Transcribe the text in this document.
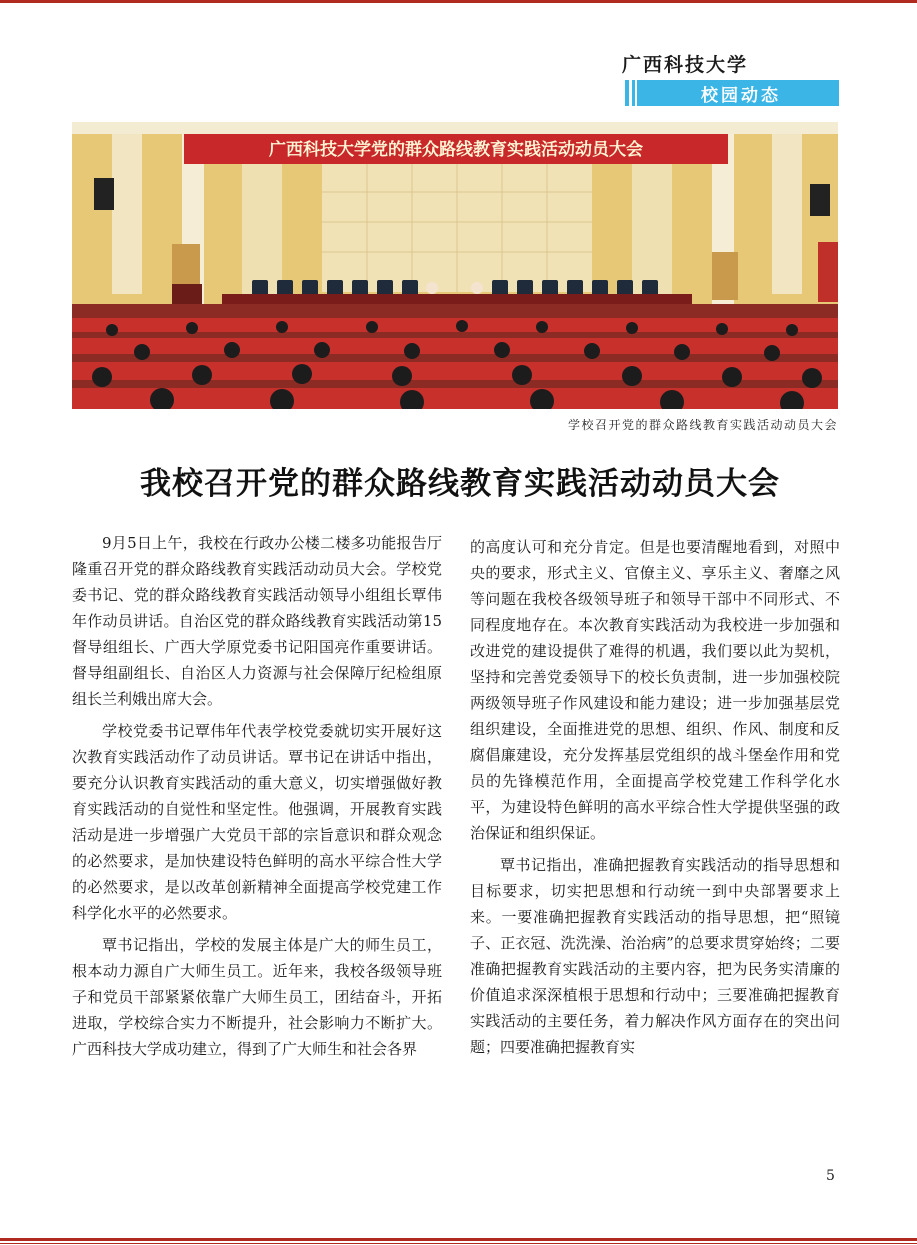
广西科技大学
校园动态
广西科技大学党的群众路线教育实践活动动员大会
学校召开党的群众路线教育实践活动动员大会
我校召开党的群众路线教育实践活动动员大会

9月5日上午，我校在行政办公楼二楼多功能报告厅隆重召开党的群众路线教育实践活动动员大会。学校党委书记、党的群众路线教育实践活动领导小组组长覃伟年作动员讲话。自治区党的群众路线教育实践活动第15督导组组长、广西大学原党委书记阳国亮作重要讲话。督导组副组长、自治区人力资源与社会保障厅纪检组原组长兰利娥出席大会。

学校党委书记覃伟年代表学校党委就切实开展好这次教育实践活动作了动员讲话。覃书记在讲话中指出，要充分认识教育实践活动的重大意义，切实增强做好教育实践活动的自觉性和坚定性。他强调，开展教育实践活动是进一步增强广大党员干部的宗旨意识和群众观念的必然要求，是加快建设特色鲜明的高水平综合性大学的必然要求，是以改革创新精神全面提高学校党建工作科学化水平的必然要求。

覃书记指出，学校的发展主体是广大的师生员工，根本动力源自广大师生员工。近年来，我校各级领导班子和党员干部紧紧依靠广大师生员工，团结奋斗，开拓进取，学校综合实力不断提升，社会影响力不断扩大。广西科技大学成功建立，得到了广大师生和社会各界

的高度认可和充分肯定。但是也要清醒地看到，对照中央的要求，形式主义、官僚主义、享乐主义、奢靡之风等问题在我校各级领导班子和领导干部中不同形式、不同程度地存在。本次教育实践活动为我校进一步加强和改进党的建设提供了难得的机遇，我们要以此为契机，坚持和完善党委领导下的校长负责制，进一步加强校院两级领导班子作风建设和能力建设；进一步加强基层党组织建设，全面推进党的思想、组织、作风、制度和反腐倡廉建设，充分发挥基层党组织的战斗堡垒作用和党员的先锋模范作用，全面提高学校党建工作科学化水平，为建设特色鲜明的高水平综合性大学提供坚强的政治保证和组织保证。

覃书记指出，准确把握教育实践活动的指导思想和目标要求，切实把思想和行动统一到中央部署要求上来。一要准确把握教育实践活动的指导思想，把“照镜子、正衣冠、洗洗澡、治治病”的总要求贯穿始终；二要准确把握教育实践活动的主要内容，把为民务实清廉的价值追求深深植根于思想和行动中；三要准确把握教育实践活动的主要任务，着力解决作风方面存在的突出问题；四要准确把握教育实

5
